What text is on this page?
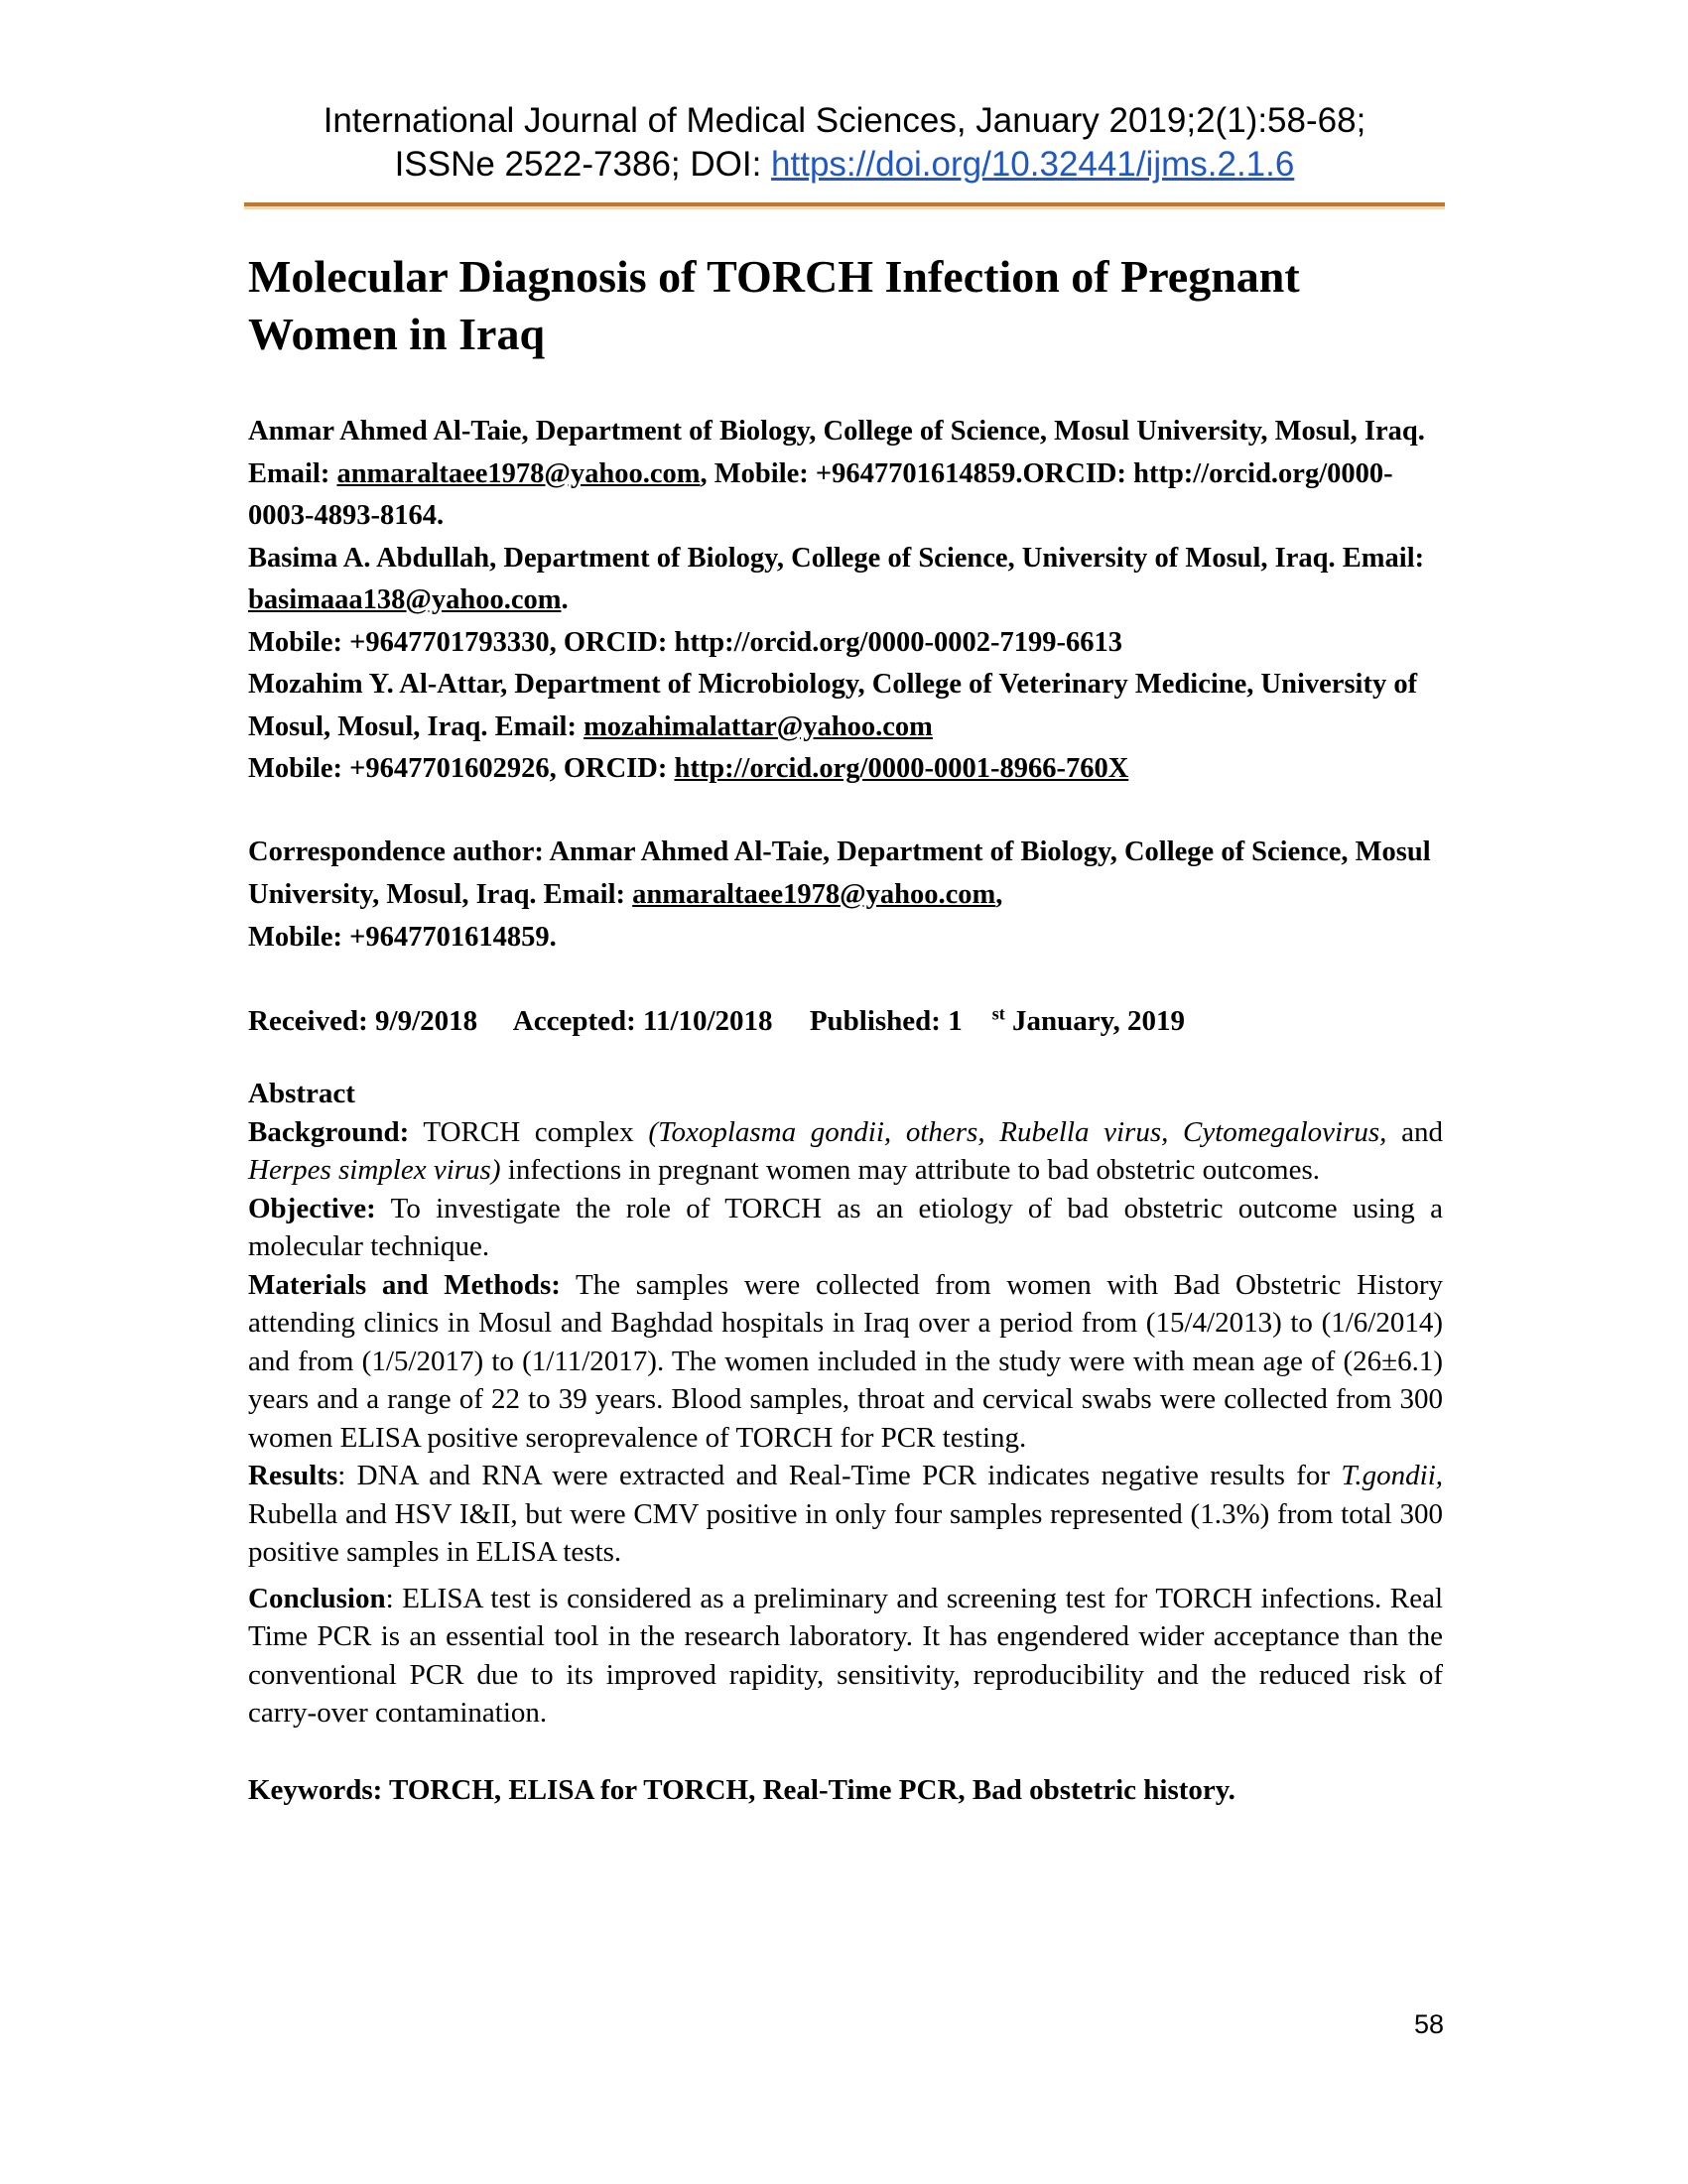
International Journal of Medical Sciences, January 2019;2(1):58-68;
ISSNe 2522-7386; DOI: https://doi.org/10.32441/ijms.2.1.6
Molecular Diagnosis of TORCH Infection of Pregnant Women in Iraq

Anmar Ahmed Al-Taie, Department of Biology, College of Science, Mosul University, Mosul, Iraq. Email: anmaraltaee1978@yahoo.com, Mobile: +9647701614859.ORCID: http://orcid.org/0000-0003-4893-8164.

Basima A. Abdullah, Department of Biology, College of Science, University of Mosul, Iraq. Email: basimaaa138@yahoo.com.

Mobile: +9647701793330, ORCID: http://orcid.org/0000-0002-7199-6613

Mozahim Y. Al-Attar, Department of Microbiology, College of Veterinary Medicine, University of Mosul, Mosul, Iraq. Email: mozahimalattar@yahoo.com

Mobile: +9647701602926, ORCID: http://orcid.org/0000-0001-8966-760X

Correspondence author: Anmar Ahmed Al-Taie, Department of Biology, College of Science, Mosul University, Mosul, Iraq. Email: anmaraltaee1978@yahoo.com,
Mobile: +9647701614859.
Received: 9/9/2018 Accepted: 11/10/2018 Published: 1 $^{st}$ January, 2019

Abstract

Background: TORCH complex (Toxoplasma gondii, others, Rubella virus, Cytomegalovirus, and Herpes simplex virus) infections in pregnant women may attribute to bad obstetric outcomes.

Objective: To investigate the role of TORCH as an etiology of bad obstetric outcome using a molecular technique.

Materials and Methods: The samples were collected from women with Bad Obstetric History attending clinics in Mosul and Baghdad hospitals in Iraq over a period from (15/4/2013) to (1/6/2014) and from (1/5/2017) to (1/11/2017). The women included in the study were with mean age of (26±6.1) years and a range of 22 to 39 years. Blood samples, throat and cervical swabs were collected from 300 women ELISA positive seroprevalence of TORCH for PCR testing.

Results: DNA and RNA were extracted and Real-Time PCR indicates negative results for T.gondii, Rubella and HSV I&II, but were CMV positive in only four samples represented (1.3%) from total 300 positive samples in ELISA tests.

Conclusion: ELISA test is considered as a preliminary and screening test for TORCH infections. Real Time PCR is an essential tool in the research laboratory. It has engendered wider acceptance than the conventional PCR due to its improved rapidity, sensitivity, reproducibility and the reduced risk of carry-over contamination.

Keywords: TORCH, ELISA for TORCH, Real-Time PCR, Bad obstetric history.
58
